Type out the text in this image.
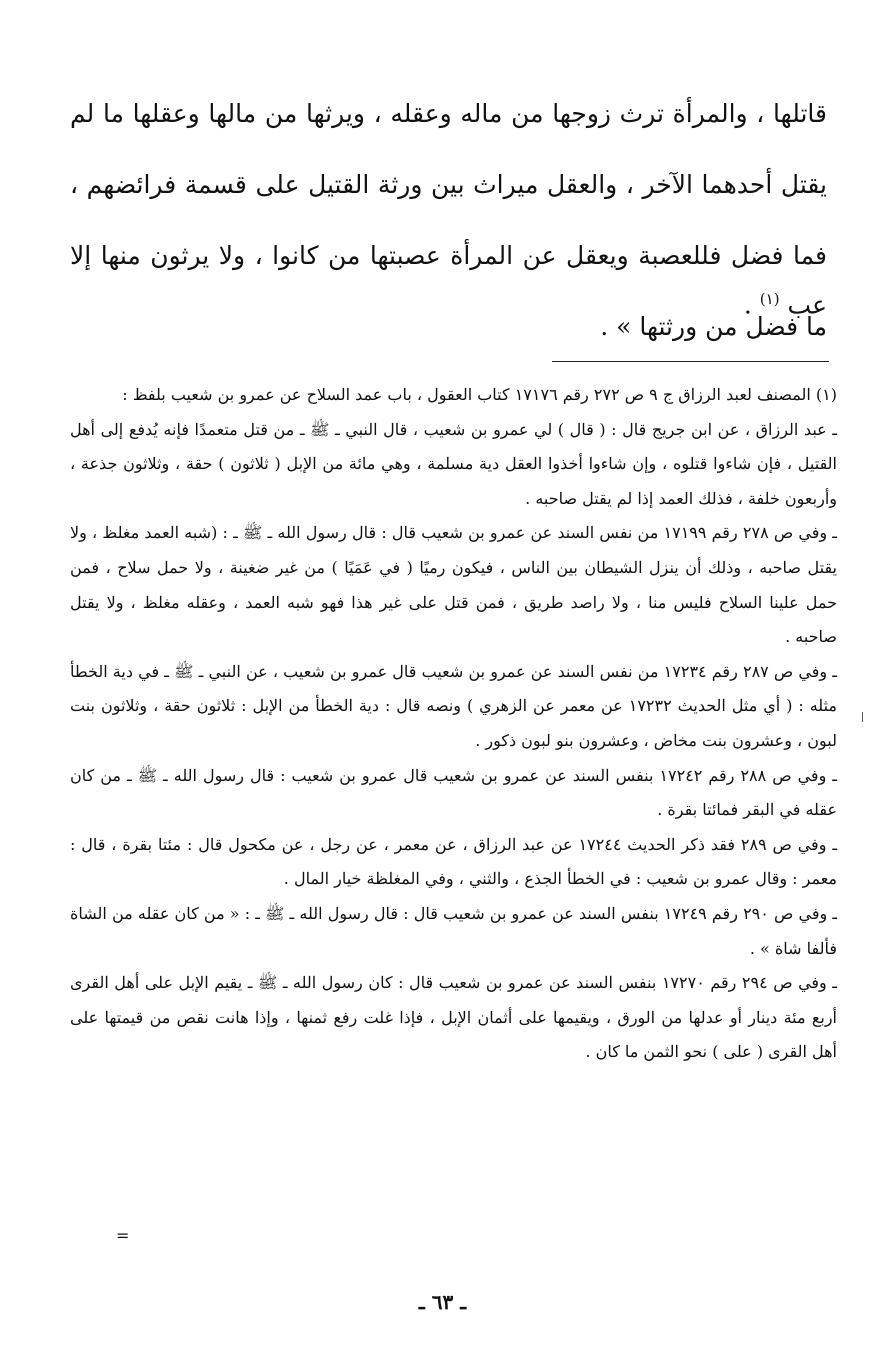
قاتلها ، والمرأة ترث زوجها من ماله وعقله ، ويرثها من مالها وعقلها ما لم يقتل أحدهما الآخر ، والعقل ميراث بين ورثة القتيل على قسمة فرائضهم ، فما فضل فللعصبة ويعقل عن المرأة عصبتها من كانوا ، ولا يرثون منها إلا ما فضل من ورثتها » .

عب $^{(١)}$ .

(١) المصنف لعبد الرزاق ج ٩ ص ٢٧٢ رقم ١٧١٧٦ كتاب العقول ، باب عمد السلاح عن عمرو بن شعيب بلفظ :

ـ عبد الرزاق ، عن ابن جريج قال : ( قال ) لي عمرو بن شعيب ، قال النبي ـ ﷺ ـ من قتل متعمدًا فإنه يُدفع إلى أهل القتيل ، فإن شاءوا قتلوه ، وإن شاءوا أخذوا العقل دية مسلمة ، وهي مائة من الإبل ( ثلاثون ) حقة ، وثلاثون جذعة ، وأربعون خلفة ، فذلك العمد إذا لم يقتل صاحبه .

ـ وفي ص ٢٧٨ رقم ١٧١٩٩ من نفس السند عن عمرو بن شعيب قال : قال رسول الله ـ ﷺ ـ : (شبه العمد مغلظ ، ولا يقتل صاحبه ، وذلك أن ينزل الشيطان بين الناس ، فيكون رميًا ( في عَمَيًا ) من غير ضغينة ، ولا حمل سلاح ، فمن حمل علينا السلاح فليس منا ، ولا راصد طريق ، فمن قتل على غير هذا فهو شبه العمد ، وعقله مغلظ ، ولا يقتل صاحبه .

ـ وفي ص ٢٨٧ رقم ١٧٢٣٤ من نفس السند عن عمرو بن شعيب قال عمرو بن شعيب ، عن النبي ـ ﷺ ـ في دية الخطأ مثله : ( أي مثل الحديث ١٧٢٣٢ عن معمر عن الزهري ) ونصه قال : دية الخطأ من الإبل : ثلاثون حقة ، وثلاثون بنت لبون ، وعشرون بنت مخاض ، وعشرون بنو لبون ذكور .

ـ وفي ص ٢٨٨ رقم ١٧٢٤٢ بنفس السند عن عمرو بن شعيب قال عمرو بن شعيب : قال رسول الله ـ ﷺ ـ من كان عقله في البقر فمائتا بقرة .

ـ وفي ص ٢٨٩ فقد ذكر الحديث ١٧٢٤٤ عن عبد الرزاق ، عن معمر ، عن رجل ، عن مكحول قال : مئتا بقرة ، قال : معمر : وقال عمرو بن شعيب : في الخطأ الجذع ، والثني ، وفي المغلظة خيار المال .

ـ وفي ص ٢٩٠ رقم ١٧٢٤٩ بنفس السند عن عمرو بن شعيب قال : قال رسول الله ـ ﷺ ـ : « من كان عقله من الشاة فألفا شاة » .

ـ وفي ص ٢٩٤ رقم ١٧٢٧٠ بنفس السند عن عمرو بن شعيب قال : كان رسول الله ـ ﷺ ـ يقيم الإبل على أهل القرى أربع مئة دينار أو عدلها من الورق ، ويقيمها على أثمان الإبل ، فإذا غلت رفع ثمنها ، وإذا هانت نقص من قيمتها على أهل القرى ( على ) نحو الثمن ما كان .

=
ـ ٦٣ ـ
